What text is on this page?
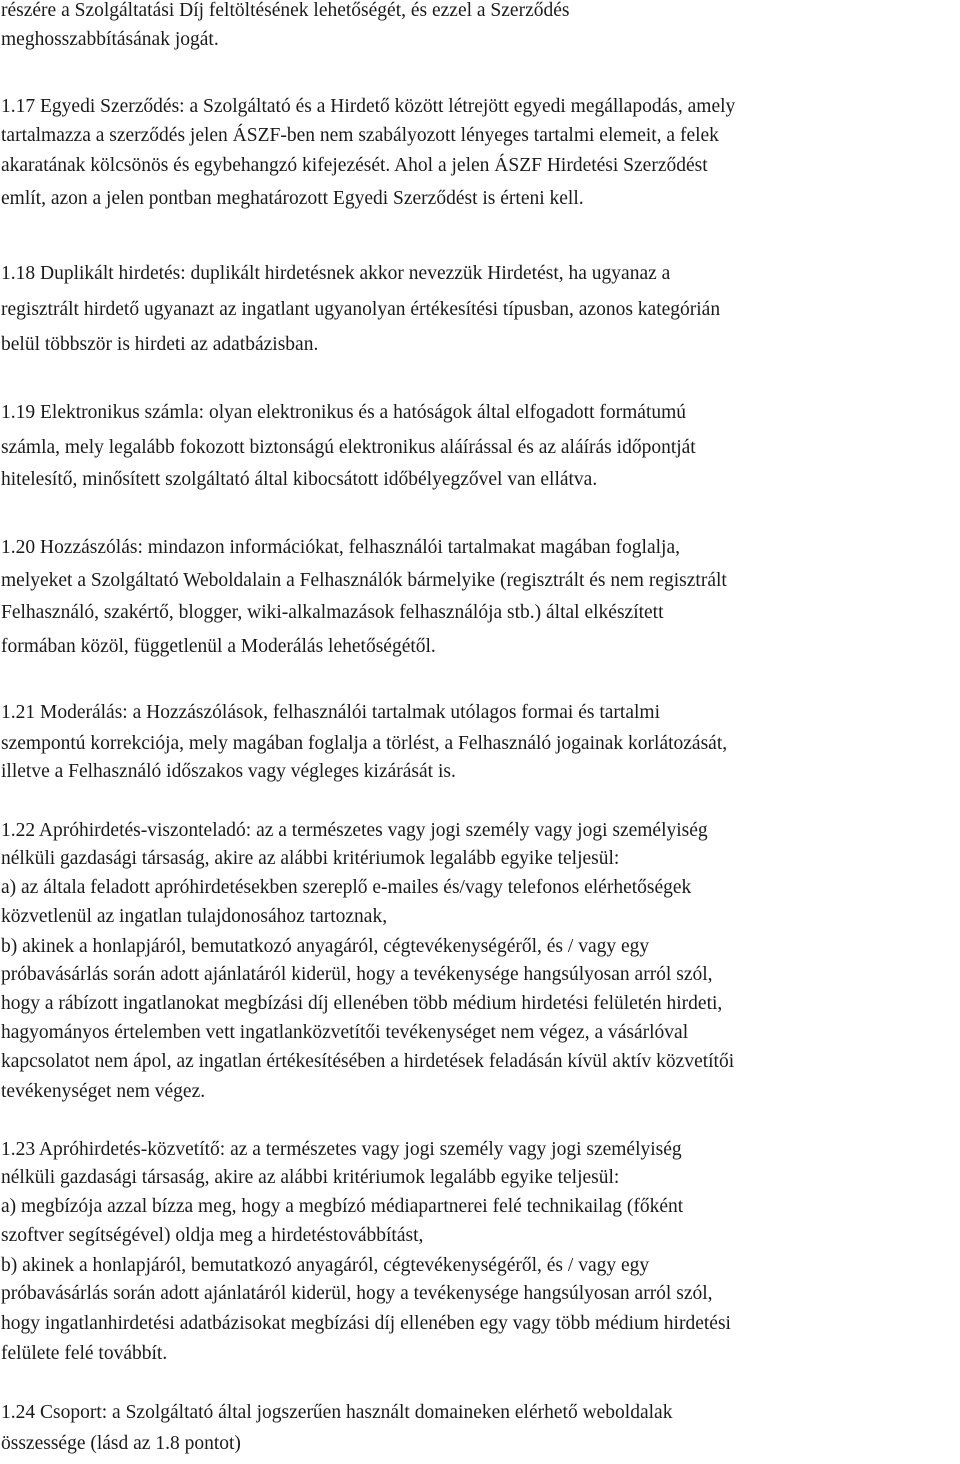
részére a Szolgáltatási Díj feltöltésének lehetőségét, és ezzel a Szerződés
meghosszabbításának jogát.
1.17 Egyedi Szerződés: a Szolgáltató és a Hirdető között létrejött egyedi megállapodás, amely
tartalmazza a szerződés jelen ÁSZF-ben nem szabályozott lényeges tartalmi elemeit, a felek
akaratának kölcsönös és egybehangzó kifejezését. Ahol a jelen ÁSZF Hirdetési Szerződést
említ, azon a jelen pontban meghatározott Egyedi Szerződést is érteni kell.
1.18 Duplikált hirdetés: duplikált hirdetésnek akkor nevezzük Hirdetést, ha ugyanaz a
regisztrált hirdető ugyanazt az ingatlant ugyanolyan értékesítési típusban, azonos kategórián
belül többször is hirdeti az adatbázisban.
1.19 Elektronikus számla: olyan elektronikus és a hatóságok által elfogadott formátumú
számla, mely legalább fokozott biztonságú elektronikus aláírással és az aláírás időpontját
hitelesítő, minősített szolgáltató által kibocsátott időbélyegzővel van ellátva.
1.20 Hozzászólás: mindazon információkat, felhasználói tartalmakat magában foglalja,
melyeket a Szolgáltató Weboldalain a Felhasználók bármelyike (regisztrált és nem regisztrált
Felhasználó, szakértő, blogger, wiki-alkalmazások felhasználója stb.) által elkészített
formában közöl, függetlenül a Moderálás lehetőségétől.
1.21 Moderálás: a Hozzászólások, felhasználói tartalmak utólagos formai és tartalmi
szempontú korrekciója, mely magában foglalja a törlést, a Felhasználó jogainak korlátozását,
illetve a Felhasználó időszakos vagy végleges kizárását is.
1.22 Apróhirdetés-viszonteladó: az a természetes vagy jogi személy vagy jogi személyiség
nélküli gazdasági társaság, akire az alábbi kritériumok legalább egyike teljesül:
a) az általa feladott apróhirdetésekben szereplő e-mailes és/vagy telefonos elérhetőségek
közvetlenül az ingatlan tulajdonosához tartoznak,
b) akinek a honlapjáról, bemutatkozó anyagáról, cégtevékenységéről, és / vagy egy
próbavásárlás során adott ajánlatáról kiderül, hogy a tevékenysége hangsúlyosan arról szól,
hogy a rábízott ingatlanokat megbízási díj ellenében több médium hirdetési felületén hirdeti,
hagyományos értelemben vett ingatlanközvetítői tevékenységet nem végez, a vásárlóval
kapcsolatot nem ápol, az ingatlan értékesítésében a hirdetések feladásán kívül aktív közvetítői
tevékenységet nem végez.
1.23 Apróhirdetés-közvetítő: az a természetes vagy jogi személy vagy jogi személyiség
nélküli gazdasági társaság, akire az alábbi kritériumok legalább egyike teljesül:
a) megbízója azzal bízza meg, hogy a megbízó médiapartnerei felé technikailag (főként
szoftver segítségével) oldja meg a hirdetéstovábbítást,
b) akinek a honlapjáról, bemutatkozó anyagáról, cégtevékenységéről, és / vagy egy
próbavásárlás során adott ajánlatáról kiderül, hogy a tevékenysége hangsúlyosan arról szól,
hogy ingatlanhirdetési adatbázisokat megbízási díj ellenében egy vagy több médium hirdetési
felülete felé továbbít.
1.24 Csoport: a Szolgáltató által jogszerűen használt domaineken elérhető weboldalak
összessége (lásd az 1.8 pontot)
